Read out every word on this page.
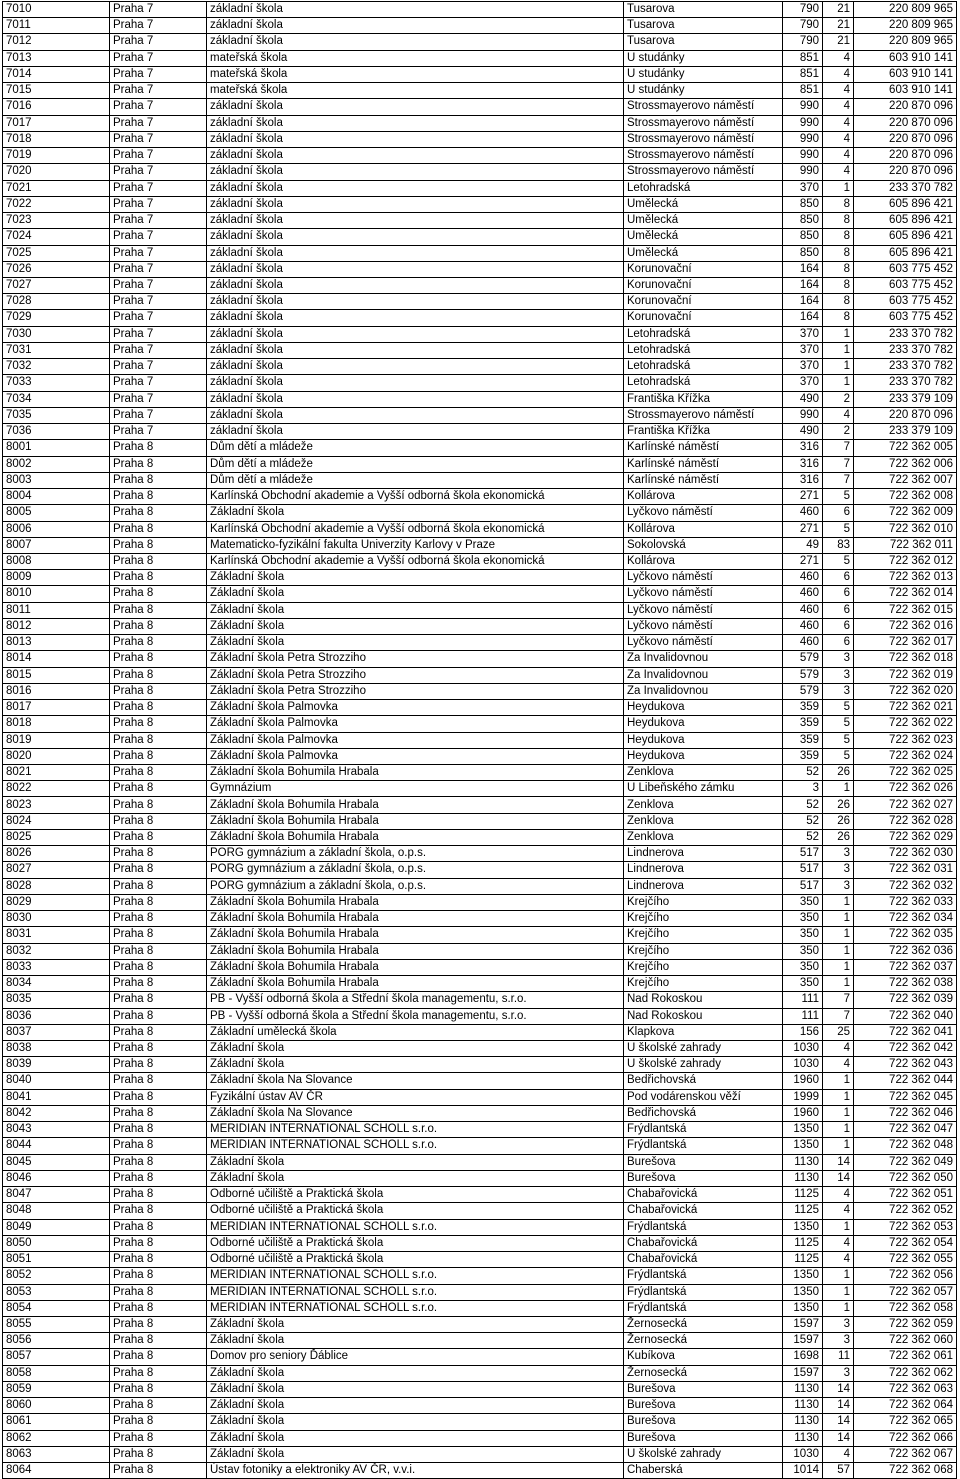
7010	Praha 7	základní škola	Tusarova	790	21	220 809 965
7011	Praha 7	základní škola	Tusarova	790	21	220 809 965
7012	Praha 7	základní škola	Tusarova	790	21	220 809 965
7013	Praha 7	mateřská škola	U studánky	851	4	603 910 141
7014	Praha 7	mateřská škola	U studánky	851	4	603 910 141
7015	Praha 7	mateřská škola	U studánky	851	4	603 910 141
7016	Praha 7	základní škola	Strossmayerovo náměstí	990	4	220 870 096
7017	Praha 7	základní škola	Strossmayerovo náměstí	990	4	220 870 096
7018	Praha 7	základní škola	Strossmayerovo náměstí	990	4	220 870 096
7019	Praha 7	základní škola	Strossmayerovo náměstí	990	4	220 870 096
7020	Praha 7	základní škola	Strossmayerovo náměstí	990	4	220 870 096
7021	Praha 7	základní škola	Letohradská	370	1	233 370 782
7022	Praha 7	základní škola	Umělecká	850	8	605 896 421
7023	Praha 7	základní škola	Umělecká	850	8	605 896 421
7024	Praha 7	základní škola	Umělecká	850	8	605 896 421
7025	Praha 7	základní škola	Umělecká	850	8	605 896 421
7026	Praha 7	základní škola	Korunovační	164	8	603 775 452
7027	Praha 7	základní škola	Korunovační	164	8	603 775 452
7028	Praha 7	základní škola	Korunovační	164	8	603 775 452
7029	Praha 7	základní škola	Korunovační	164	8	603 775 452
7030	Praha 7	základní škola	Letohradská	370	1	233 370 782
7031	Praha 7	základní škola	Letohradská	370	1	233 370 782
7032	Praha 7	základní škola	Letohradská	370	1	233 370 782
7033	Praha 7	základní škola	Letohradská	370	1	233 370 782
7034	Praha 7	základní škola	Františka Křížka	490	2	233 379 109
7035	Praha 7	základní škola	Strossmayerovo náměstí	990	4	220 870 096
7036	Praha 7	základní škola	Františka Křížka	490	2	233 379 109
8001	Praha 8	Dům dětí a mládeže	Karlínské náměstí	316	7	722 362 005
8002	Praha 8	Dům dětí a mládeže	Karlínské náměstí	316	7	722 362 006
8003	Praha 8	Dům dětí a mládeže	Karlínské náměstí	316	7	722 362 007
8004	Praha 8	Karlínská Obchodní akademie a Vyšší odborná škola ekonomická	Kollárova	271	5	722 362 008
8005	Praha 8	Základní škola	Lyčkovo náměstí	460	6	722 362 009
8006	Praha 8	Karlínská Obchodní akademie a Vyšší odborná škola ekonomická	Kollárova	271	5	722 362 010
8007	Praha 8	Matematicko-fyzikální fakulta Univerzity Karlovy v Praze	Sokolovská	49	83	722 362 011
8008	Praha 8	Karlínská Obchodní akademie a Vyšší odborná škola ekonomická	Kollárova	271	5	722 362 012
8009	Praha 8	Základní škola	Lyčkovo náměstí	460	6	722 362 013
8010	Praha 8	Základní škola	Lyčkovo náměstí	460	6	722 362 014
8011	Praha 8	Základní škola	Lyčkovo náměstí	460	6	722 362 015
8012	Praha 8	Základní škola	Lyčkovo náměstí	460	6	722 362 016
8013	Praha 8	Základní škola	Lyčkovo náměstí	460	6	722 362 017
8014	Praha 8	Základní škola Petra Strozziho	Za Invalidovnou	579	3	722 362 018
8015	Praha 8	Základní škola Petra Strozziho	Za Invalidovnou	579	3	722 362 019
8016	Praha 8	Základní škola Petra Strozziho	Za Invalidovnou	579	3	722 362 020
8017	Praha 8	Základní škola Palmovka	Heydukova	359	5	722 362 021
8018	Praha 8	Základní škola Palmovka	Heydukova	359	5	722 362 022
8019	Praha 8	Základní škola Palmovka	Heydukova	359	5	722 362 023
8020	Praha 8	Základní škola Palmovka	Heydukova	359	5	722 362 024
8021	Praha 8	Základní škola Bohumila Hrabala	Zenklova	52	26	722 362 025
8022	Praha 8	Gymnázium	U Libeňského zámku	3	1	722 362 026
8023	Praha 8	Základní škola Bohumila Hrabala	Zenklova	52	26	722 362 027
8024	Praha 8	Základní škola Bohumila Hrabala	Zenklova	52	26	722 362 028
8025	Praha 8	Základní škola Bohumila Hrabala	Zenklova	52	26	722 362 029
8026	Praha 8	PORG gymnázium a základní škola, o.p.s.	Lindnerova	517	3	722 362 030
8027	Praha 8	PORG gymnázium a základní škola, o.p.s.	Lindnerova	517	3	722 362 031
8028	Praha 8	PORG gymnázium a základní škola, o.p.s.	Lindnerova	517	3	722 362 032
8029	Praha 8	Základní škola Bohumila Hrabala	Krejčího	350	1	722 362 033
8030	Praha 8	Základní škola Bohumila Hrabala	Krejčího	350	1	722 362 034
8031	Praha 8	Základní škola Bohumila Hrabala	Krejčího	350	1	722 362 035
8032	Praha 8	Základní škola Bohumila Hrabala	Krejčího	350	1	722 362 036
8033	Praha 8	Základní škola Bohumila Hrabala	Krejčího	350	1	722 362 037
8034	Praha 8	Základní škola Bohumila Hrabala	Krejčího	350	1	722 362 038
8035	Praha 8	PB - Vyšší odborná škola a Střední škola managementu, s.r.o.	Nad Rokoskou	111	7	722 362 039
8036	Praha 8	PB - Vyšší odborná škola a Střední škola managementu, s.r.o.	Nad Rokoskou	111	7	722 362 040
8037	Praha 8	Základní umělecká škola	Klapkova	156	25	722 362 041
8038	Praha 8	Základní škola	U školské zahrady	1030	4	722 362 042
8039	Praha 8	Základní škola	U školské zahrady	1030	4	722 362 043
8040	Praha 8	Základní škola Na Slovance	Bedřichovská	1960	1	722 362 044
8041	Praha 8	Fyzikální ústav AV ČR	Pod vodárenskou věží	1999	1	722 362 045
8042	Praha 8	Základní škola Na Slovance	Bedřichovská	1960	1	722 362 046
8043	Praha 8	MERIDIAN INTERNATIONAL SCHOLL s.r.o.	Frýdlantská	1350	1	722 362 047
8044	Praha 8	MERIDIAN INTERNATIONAL SCHOLL s.r.o.	Frýdlantská	1350	1	722 362 048
8045	Praha 8	Základní škola	Burešova	1130	14	722 362 049
8046	Praha 8	Základní škola	Burešova	1130	14	722 362 050
8047	Praha 8	Odborné učiliště a Praktická škola	Chabařovická	1125	4	722 362 051
8048	Praha 8	Odborné učiliště a Praktická škola	Chabařovická	1125	4	722 362 052
8049	Praha 8	MERIDIAN INTERNATIONAL SCHOLL s.r.o.	Frýdlantská	1350	1	722 362 053
8050	Praha 8	Odborné učiliště a Praktická škola	Chabařovická	1125	4	722 362 054
8051	Praha 8	Odborné učiliště a Praktická škola	Chabařovická	1125	4	722 362 055
8052	Praha 8	MERIDIAN INTERNATIONAL SCHOLL s.r.o.	Frýdlantská	1350	1	722 362 056
8053	Praha 8	MERIDIAN INTERNATIONAL SCHOLL s.r.o.	Frýdlantská	1350	1	722 362 057
8054	Praha 8	MERIDIAN INTERNATIONAL SCHOLL s.r.o.	Frýdlantská	1350	1	722 362 058
8055	Praha 8	Základní škola	Žernosecká	1597	3	722 362 059
8056	Praha 8	Základní škola	Žernosecká	1597	3	722 362 060
8057	Praha 8	Domov pro seniory Ďáblice	Kubíkova	1698	11	722 362 061
8058	Praha 8	Základní škola	Žernosecká	1597	3	722 362 062
8059	Praha 8	Základní škola	Burešova	1130	14	722 362 063
8060	Praha 8	Základní škola	Burešova	1130	14	722 362 064
8061	Praha 8	Základní škola	Burešova	1130	14	722 362 065
8062	Praha 8	Základní škola	Burešova	1130	14	722 362 066
8063	Praha 8	Základní škola	U školské zahrady	1030	4	722 362 067
8064	Praha 8	Ústav fotoniky a elektroniky AV ČR, v.v.i.	Chaberská	1014	57	722 362 068
